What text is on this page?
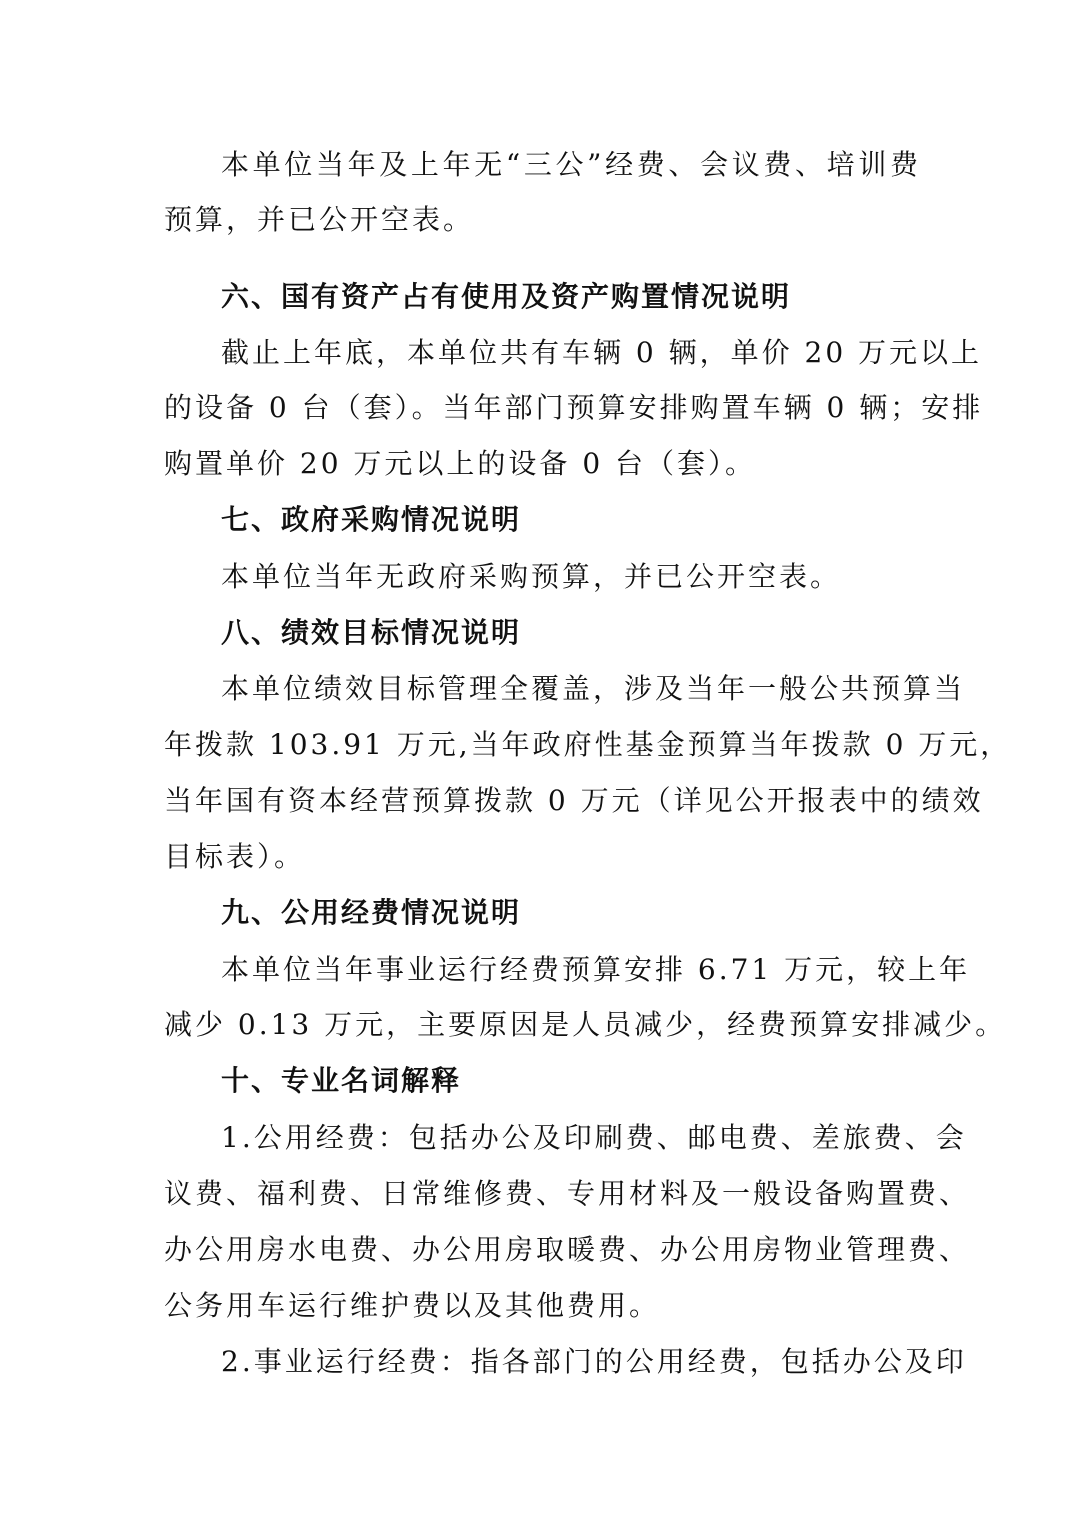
本单位当年及上年无“三公”经费、会议费、培训费
预算，并已公开空表。
六、国有资产占有使用及资产购置情况说明
截止上年底，本单位共有车辆 0 辆，单价 20 万元以上
的设备 0 台（套）。当年部门预算安排购置车辆 0 辆；安排
购置单价 20 万元以上的设备 0 台（套）。
七、政府采购情况说明
本单位当年无政府采购预算，并已公开空表。
八、绩效目标情况说明
本单位绩效目标管理全覆盖，涉及当年一般公共预算当
年拨款 103.91 万元,当年政府性基金预算当年拨款 0 万元，
当年国有资本经营预算拨款 0 万元（详见公开报表中的绩效
目标表）。
九、公用经费情况说明
本单位当年事业运行经费预算安排 6.71 万元，较上年
减少 0.13 万元，主要原因是人员减少，经费预算安排减少。
十、专业名词解释
1.公用经费：包括办公及印刷费、邮电费、差旅费、会
议费、福利费、日常维修费、专用材料及一般设备购置费、
办公用房水电费、办公用房取暖费、办公用房物业管理费、
公务用车运行维护费以及其他费用。
2.事业运行经费：指各部门的公用经费，包括办公及印
